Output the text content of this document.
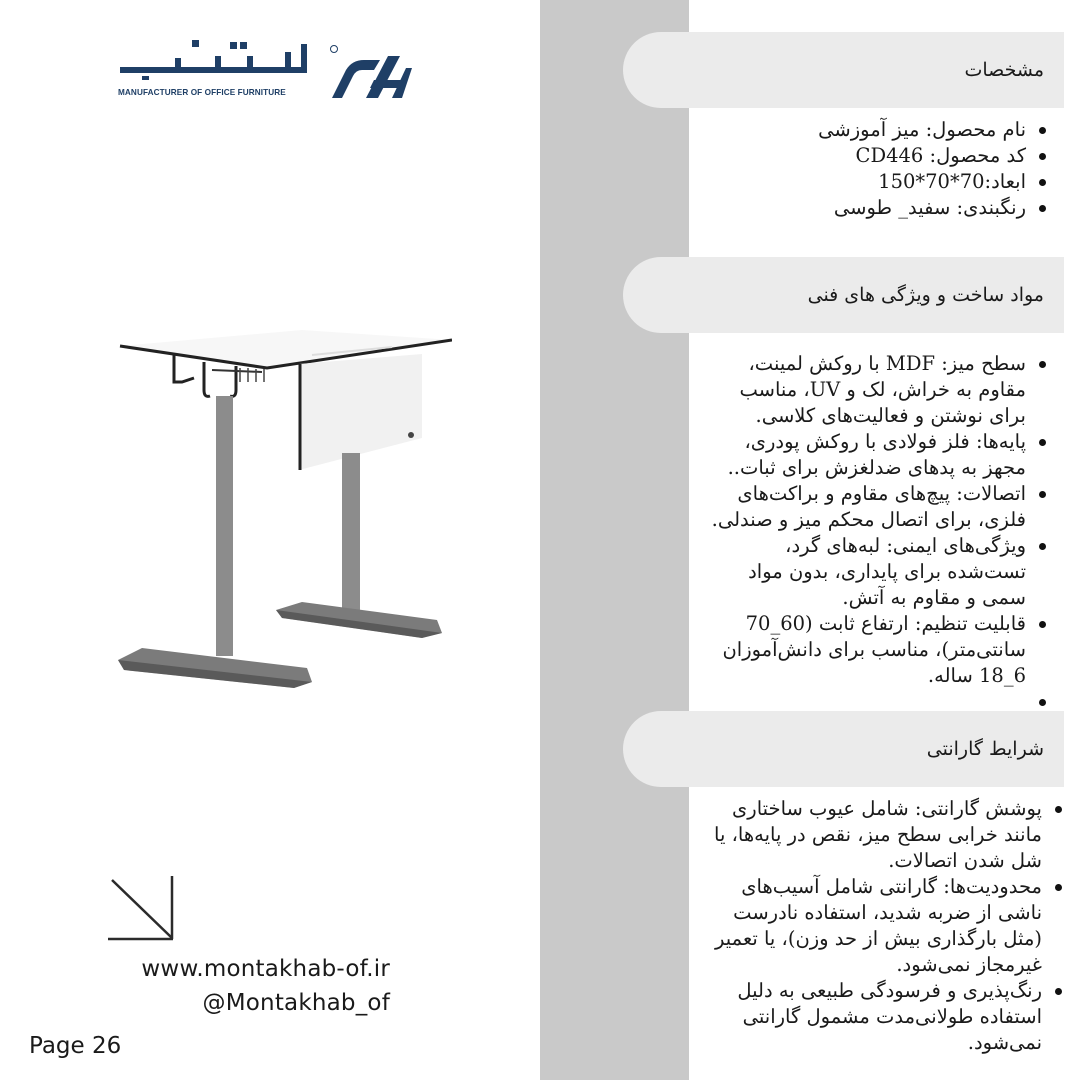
MANUFACTURER OF OFFICE FURNITURE
www.montakhab-of.ir
@Montakhab_of
Page 26
مشخصات
نام محصول: میز آموزشی
کد محصول: CD446
ابعاد:70*70*150
رنگبندی: سفید_ طوسی
مواد ساخت و ویژگی های فنی
سطح میز: MDF با روکش لمینت، مقاوم به خراش، لک و UV، مناسب برای نوشتن و فعالیت‌های کلاسی.
پایه‌ها: فلز فولادی با روکش پودری، مجهز به پدهای ضدلغزش برای ثبات..
اتصالات: پیچ‌های مقاوم و براکت‌های فلزی، برای اتصال محکم میز و صندلی.
ویژگی‌های ایمنی: لبه‌های گرد، تست‌شده برای پایداری، بدون مواد سمی و مقاوم به آتش.
قابلیت تنظیم: ارتفاع ثابت (60_70 سانتی‌متر)، مناسب برای دانش‌آموزان 6_18 ساله.
شرایط گارانتی
پوشش گارانتی: شامل عیوب ساختاری مانند خرابی سطح میز، نقص در پایه‌ها، یا شل شدن اتصالات.
محدودیت‌ها: گارانتی شامل آسیب‌های ناشی از ضربه شدید، استفاده نادرست (مثل بارگذاری بیش از حد وزن)، یا تعمیر غیرمجاز نمی‌شود.
رنگ‌پذیری و فرسودگی طبیعی به دلیل استفاده طولانی‌مدت مشمول گارانتی نمی‌شود.
